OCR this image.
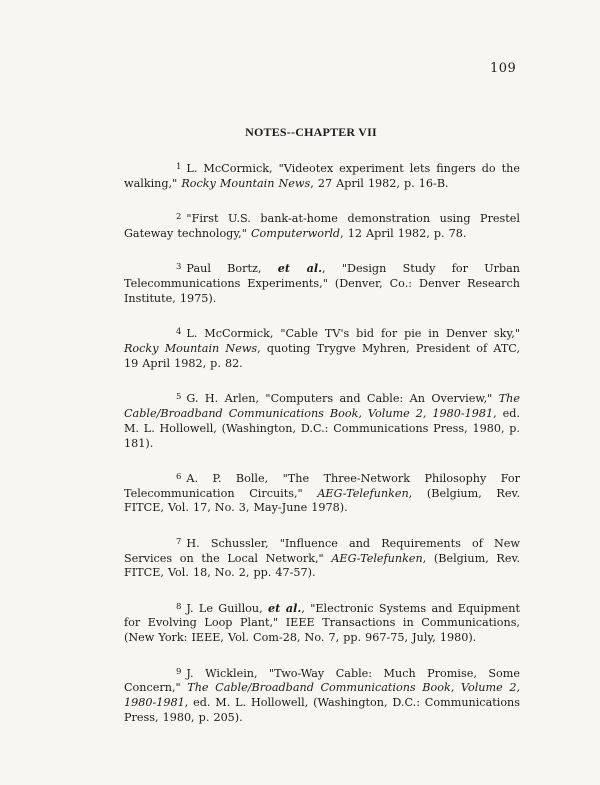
109
NOTES--CHAPTER VII

$^1$ L. McCormick, "Videotex experiment lets fingers do the walking," Rocky Mountain News, 27 April 1982, p. 16-B.

$^2$ "First U.S. bank-at-home demonstration using Prestel Gateway technology," Computerworld, 12 April 1982, p. 78.

$^3$ Paul Bortz, et al., "Design Study for Urban Telecommunications Experiments," (Denver, Co.: Denver Research Institute, 1975).

$^4$ L. McCormick, "Cable TV's bid for pie in Denver sky," Rocky Mountain News, quoting Trygve Myhren, President of ATC, 19 April 1982, p. 82.

$^5$ G. H. Arlen, "Computers and Cable: An Overview," The Cable/Broadband Communications Book, Volume 2, 1980-1981, ed. M. L. Hollowell, (Washington, D.C.: Communications Press, 1980, p. 181).

$^6$ A. P. Bolle, "The Three-Network Philosophy For Telecommunication Circuits," AEG-Telefunken, (Belgium, Rev. FITCE, Vol. 17, No. 3, May-June 1978).

$^7$ H. Schussler, "Influence and Requirements of New Services on the Local Network," AEG-Telefunken, (Belgium, Rev. FITCE, Vol. 18, No. 2, pp. 47-57).

$^8$ J. Le Guillou, et al., "Electronic Systems and Equipment for Evolving Loop Plant," IEEE Transactions in Communications, (New York: IEEE, Vol. Com-28, No. 7, pp. 967-75, July, 1980).

$^9$ J. Wicklein, "Two-Way Cable: Much Promise, Some Concern," The Cable/Broadband Communications Book, Volume 2, 1980-1981, ed. M. L. Hollowell, (Washington, D.C.: Communications Press, 1980, p. 205).
